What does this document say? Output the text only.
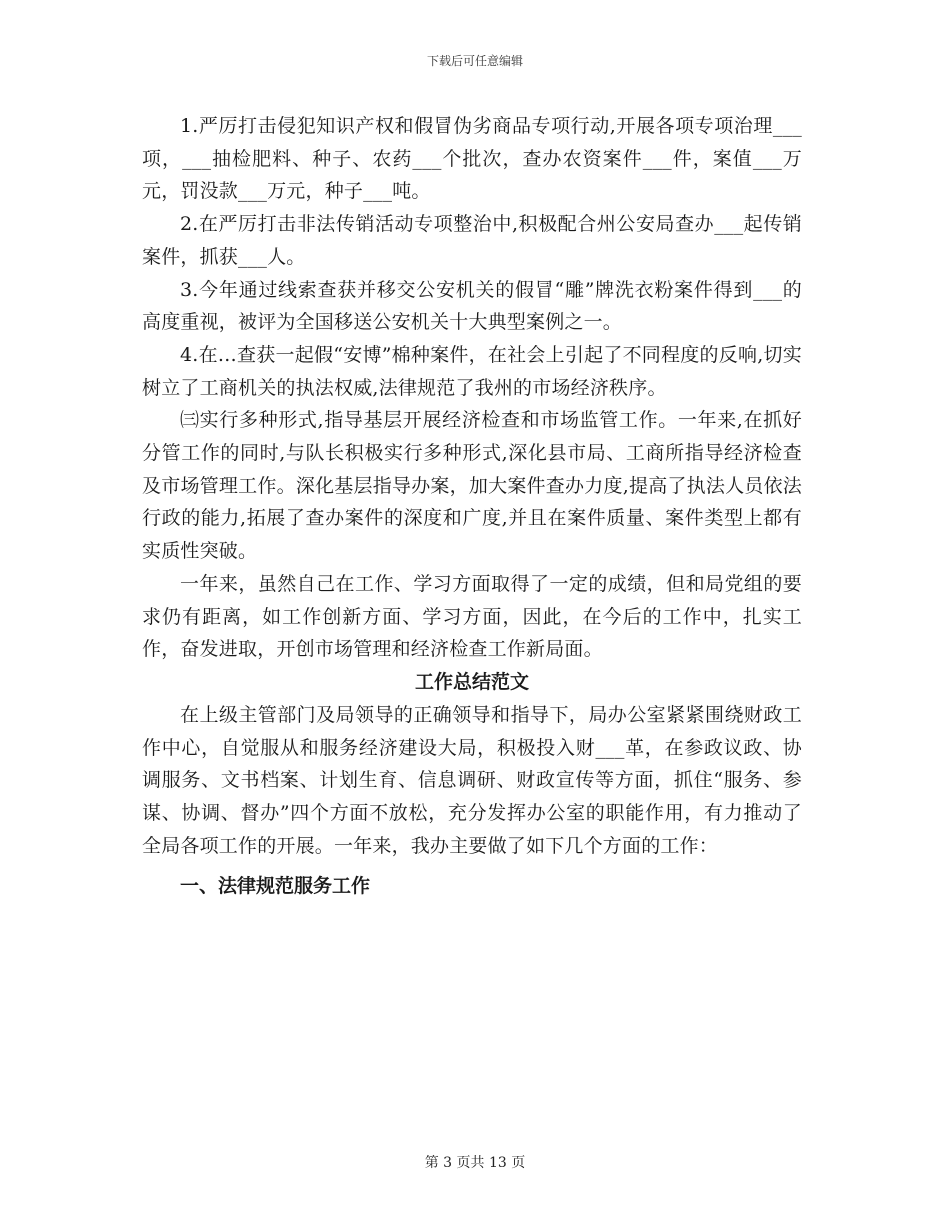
下载后可任意编辑

1.严厉打击侵犯知识产权和假冒伪劣商品专项行动,开展各项专项治理___项，___抽检肥料、种子、农药___个批次，查办农资案件___件，案值___万元，罚没款___万元，种子___吨。

2.在严厉打击非法传销活动专项整治中,积极配合州公安局查办___起传销案件，抓获___人。

3.今年通过线索查获并移交公安机关的假冒“雕”牌洗衣粉案件得到___的高度重视，被评为全国移送公安机关十大典型案例之一。

4.在…查获一起假“安博”棉种案件，在社会上引起了不同程度的反响,切实树立了工商机关的执法权威,法律规范了我州的市场经济秩序。

㈢实行多种形式,指导基层开展经济检查和市场监管工作。一年来,在抓好分管工作的同时,与队长积极实行多种形式,深化县市局、工商所指导经济检查及市场管理工作。深化基层指导办案，加大案件查办力度,提高了执法人员依法行政的能力,拓展了查办案件的深度和广度,并且在案件质量、案件类型上都有实质性突破。

一年来，虽然自己在工作、学习方面取得了一定的成绩，但和局党组的要求仍有距离，如工作创新方面、学习方面，因此，在今后的工作中，扎实工作，奋发进取，开创市场管理和经济检查工作新局面。

工作总结范文

在上级主管部门及局领导的正确领导和指导下，局办公室紧紧围绕财政工作中心，自觉服从和服务经济建设大局，积极投入财___革，在参政议政、协调服务、文书档案、计划生育、信息调研、财政宣传等方面，抓住“服务、参谋、协调、督办”四个方面不放松，充分发挥办公室的职能作用，有力推动了全局各项工作的开展。一年来，我办主要做了如下几个方面的工作：

一、法律规范服务工作
第 3 页共 13 页
